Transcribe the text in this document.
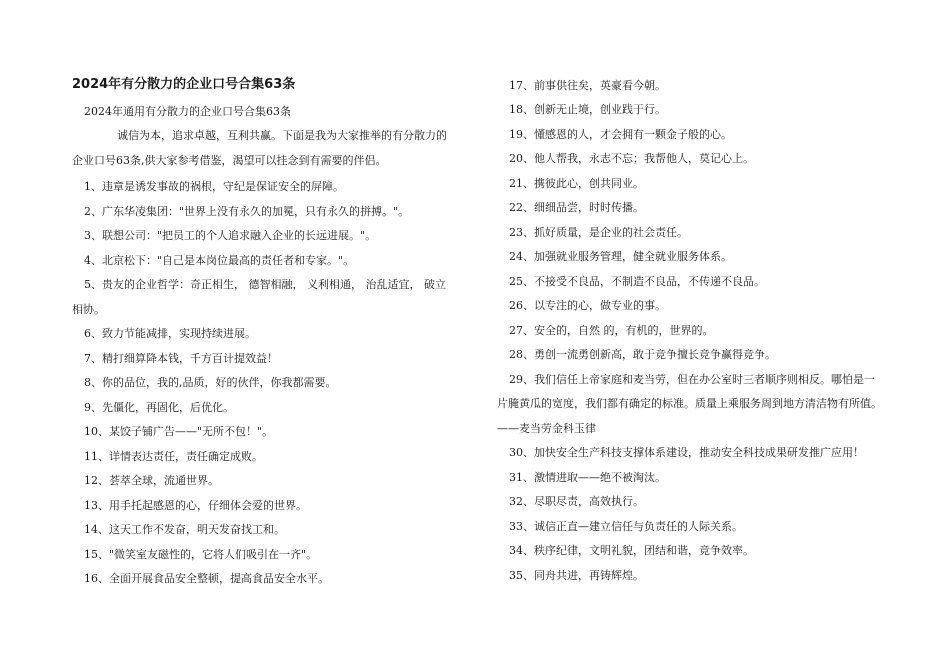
2024年有分散力的企业口号合集63条
2024年通用有分散力的企业口号合集63条
诚信为本，追求卓越，互利共赢。下面是我为大家推举的有分散力的
企业口号63条,供大家参考借鉴，渴望可以挂念到有需要的伴侣。
1、违章是诱发事故的祸根，守纪是保证安全的屏障。
2、广东华凌集团："世界上没有永久的加冕，只有永久的拼搏。"。
3、联想公司："把员工的个人追求融入企业的长远进展。"。
4、北京松下："自己是本岗位最高的责任者和专家。"。
5、贵友的企业哲学：奇正相生， 德智相融， 义利相通， 治乱适宜， 破立
相协。
6、致力节能减排，实现持续进展。
7、精打细算降本钱，千方百计提效益！
8、你的品位，我的,品质，好的伙伴，你我都需要。
9、先僵化，再固化，后优化。
10、某饺子铺广告——"无所不包！"。
11、详情表达责任，责任确定成败。
12、荟萃全球，流通世界。
13、用手托起感恩的心，仔细体会爱的世界。
14、这天工作不发奋，明天发奋找工和。
15、"微笑室友磁性的，它将人们吸引在一齐"。
16、全面开展食品安全整顿，提高食品安全水平。
17、前事供往矣，英豪看今朝。
18、创新无止境，创业践于行。
19、懂感恩的人，才会拥有一颗金子般的心。
20、他人帮我，永志不忘；我帮他人，莫记心上。
21、携彼此心，创共同业。
22、细细品尝，时时传播。
23、抓好质量，是企业的社会责任。
24、加强就业服务管理，健全就业服务体系。
25、不接受不良品，不制造不良品，不传递不良品。
26、以专注的心，做专业的事。
27、安全的，自然 的，有机的，世界的。
28、勇创一流勇创新高，敢于竞争擅长竞争赢得竞争。
29、我们信任上帝家庭和麦当劳，但在办公室时三者顺序则相反。哪怕是一
片腌黄瓜的宽度，我们都有确定的标准。质量上乘服务周到地方清洁物有所值。
——麦当劳金科玉律
30、加快安全生产科技支撑体系建设，推动安全科技成果研发推广应用！
31、激情进取——绝不被淘汰。
32、尽职尽责，高效执行。
33、诚信正直—建立信任与负责任的人际关系。
34、秩序纪律，文明礼貌，团结和谐，竞争效率。
35、同舟共进，再铸辉煌。
